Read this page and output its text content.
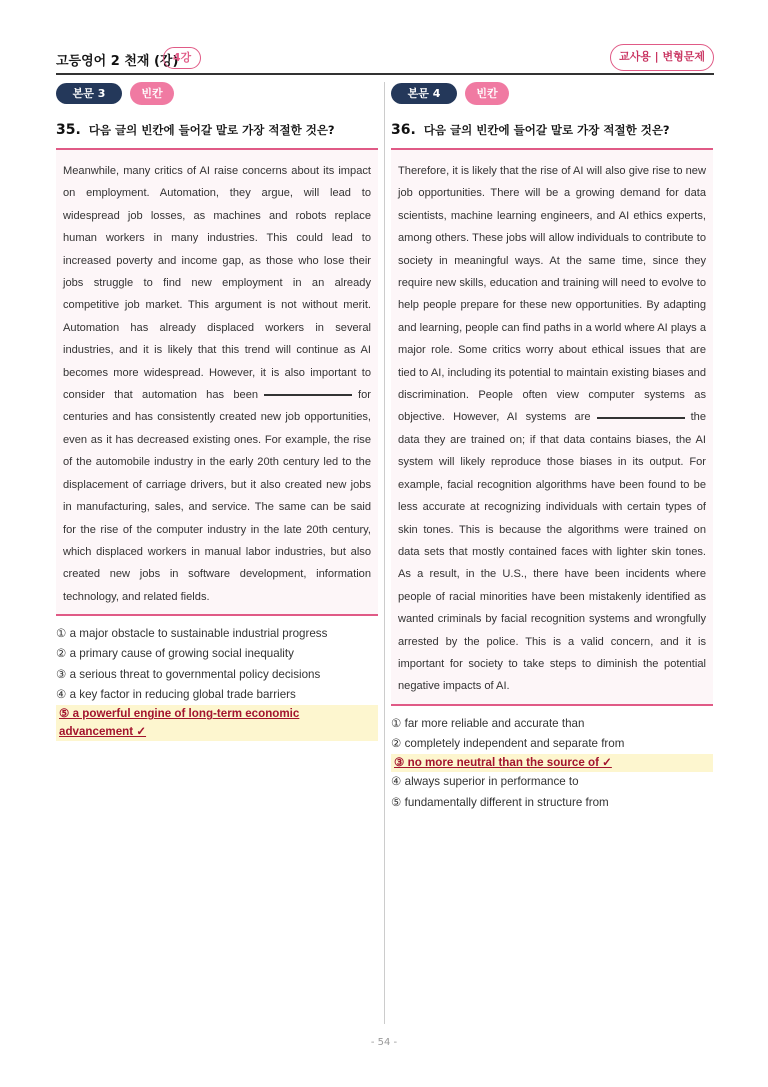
고등영어 2 천재 (강)
4강	교사용 | 변형문제
본문 3	빈칸
35. 다음 글의 빈칸에 들어갈 말로 가장 적절한 것은?
Meanwhile, many critics of AI raise concerns about its impact on employment. Automation, they argue, will lead to widespread job losses, as machines and robots replace human workers in many industries. This could lead to increased poverty and income gap, as those who lose their jobs struggle to find new employment in an already competitive job market. This argument is not without merit. Automation has already displaced workers in several industries, and it is likely that this trend will continue as AI becomes more widespread. However, it is also important to consider that automation has been	for centuries and has consistently created new job opportunities, even as it has decreased existing ones. For example, the rise of the automobile industry in the early 20th century led to the displacement of carriage drivers, but it also created new jobs in manufacturing, sales, and service. The same can be said for the rise of the computer industry in the late 20th century, which displaced workers in manual labor industries, but also created new jobs in software development, information technology, and related fields.
① a major obstacle to sustainable industrial progress
② a primary cause of growing social inequality
③ a serious threat to governmental policy decisions
④ a key factor in reducing global trade barriers
⑤ a powerful engine of long-term economic advancement ✓
본문 4	빈칸
36. 다음 글의 빈칸에 들어갈 말로 가장 적절한 것은?
Therefore, it is likely that the rise of AI will also give rise to new job opportunities. There will be a growing demand for data scientists, machine learning engineers, and AI ethics experts, among others. These jobs will allow individuals to contribute to society in meaningful ways. At the same time, since they require new skills, education and training will need to evolve to help people prepare for these new opportunities. By adapting and learning, people can find paths in a world where AI plays a major role. Some critics worry about ethical issues that are tied to AI, including its potential to maintain existing biases and discrimination. People often view computer systems as objective. However, AI systems are	the data they are trained on; if that data contains biases, the AI system will likely reproduce those biases in its output. For example, facial recognition algorithms have been found to be less accurate at recognizing individuals with certain types of skin tones. This is because the algorithms were trained on data sets that mostly contained faces with lighter skin tones. As a result, in the U.S., there have been incidents where people of racial minorities have been mistakenly identified as wanted criminals by facial recognition systems and wrongfully arrested by the police. This is a valid concern, and it is important for society to take steps to diminish the potential negative impacts of AI.
① far more reliable and accurate than
② completely independent and separate from
③ no more neutral than the source of ✓
④ always superior in performance to
⑤ fundamentally different in structure from
- 54 -
